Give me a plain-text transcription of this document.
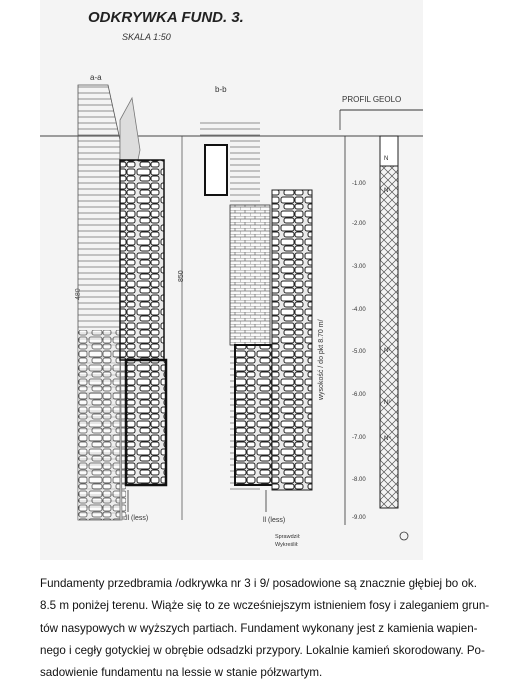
ODKRYWKA FUND. 3.
SKALA 1:50
a-a
b-b
PROFIL GEOLO
480
ll (less)
850
ll (less)
wysokość / do pkt 8.70 m/
-1.00
-2.00
-3.00
-4.00
-5.00
-6.00
-7.00
-8.00
-9.00
N
N¹
N²
N³
N⁴
Sprawdził:
Wykreślił:
Fundamenty przedbramia /odkrywka nr 3 i 9/ posadowione są znacznie głębiej bo ok.
8.5 m poniżej terenu. Wiąże się to ze wcześniejszym istnieniem fosy i zaleganiem grun-
tów nasypowych w wyższych partiach. Fundament wykonany jest z kamienia wapien-
nego i cegły gotyckiej w obrębie odsadzki przypory. Lokalnie kamień skorodowany. Po-
sadowienie fundamentu na lessie w stanie półzwartym.
